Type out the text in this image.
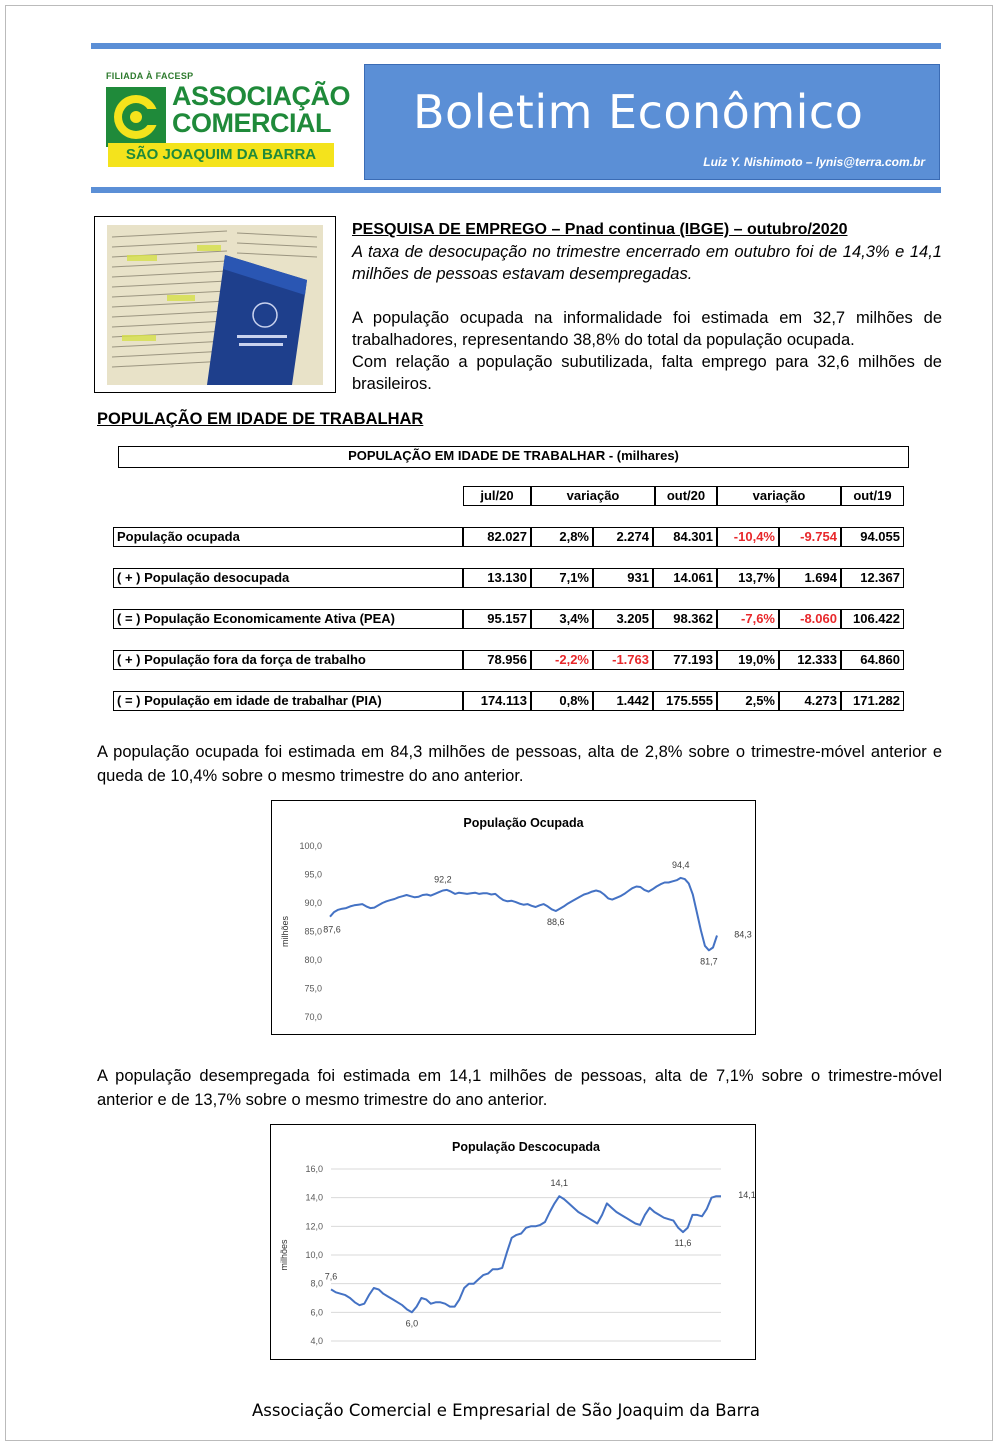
FILIADA À FACESP
ASSOCIAÇÃO
COMERCIAL
SÃO JOAQUIM DA BARRA
Boletim Econômico
Luiz Y. Nishimoto – lynis@terra.com.br

PESQUISA DE EMPREGO – Pnad continua (IBGE) – outubro/2020

A taxa de desocupação no trimestre encerrado em outubro foi de 14,3% e 14,1 milhões de pessoas estavam desempregadas.

A população ocupada na informalidade foi estimada em 32,7 milhões de trabalhadores, representando 38,8% do total da população ocupada.

Com relação a população subutilizada, falta emprego para 32,6 milhões de brasileiros.

POPULAÇÃO EM IDADE DE TRABALHAR
POPULAÇÃO EM IDADE DE TRABALHAR - (milhares)
jul/20	variação	out/20	variação	out/19
População ocupada	82.027	2,8%	2.274	84.301	-10,4%	-9.754	94.055
( + ) População desocupada	13.130	7,1%	931	14.061	13,7%	1.694	12.367
( = ) População Economicamente Ativa (PEA)	95.157	3,4%	3.205	98.362	-7,6%	-8.060	106.422
( + ) População fora da força de trabalho	78.956	-2,2%	-1.763	77.193	19,0%	12.333	64.860
( = ) População em idade de trabalhar (PIA)	174.113	0,8%	1.442	175.555	2,5%	4.273	171.282

A população ocupada foi estimada em 84,3 milhões de pessoas, alta de 2,8% sobre o trimestre-móvel anterior e queda de 10,4% sobre o mesmo trimestre do ano anterior.

População Ocupada
70,0
75,0
80,0
85,0
90,0
95,0
100,0
milhões	87,6
92,2
88,6
94,4
81,7
84,3

A população desempregada foi estimada em 14,1 milhões de pessoas, alta de 7,1% sobre o trimestre-móvel anterior e de 13,7% sobre o mesmo trimestre do ano anterior.

População Descocupada
4,0
6,0
8,0
10,0
12,0
14,0
16,0
milhões
7,6
6,0
14,1
11,6
14,1
Associação Comercial e Empresarial de São Joaquim da Barra
